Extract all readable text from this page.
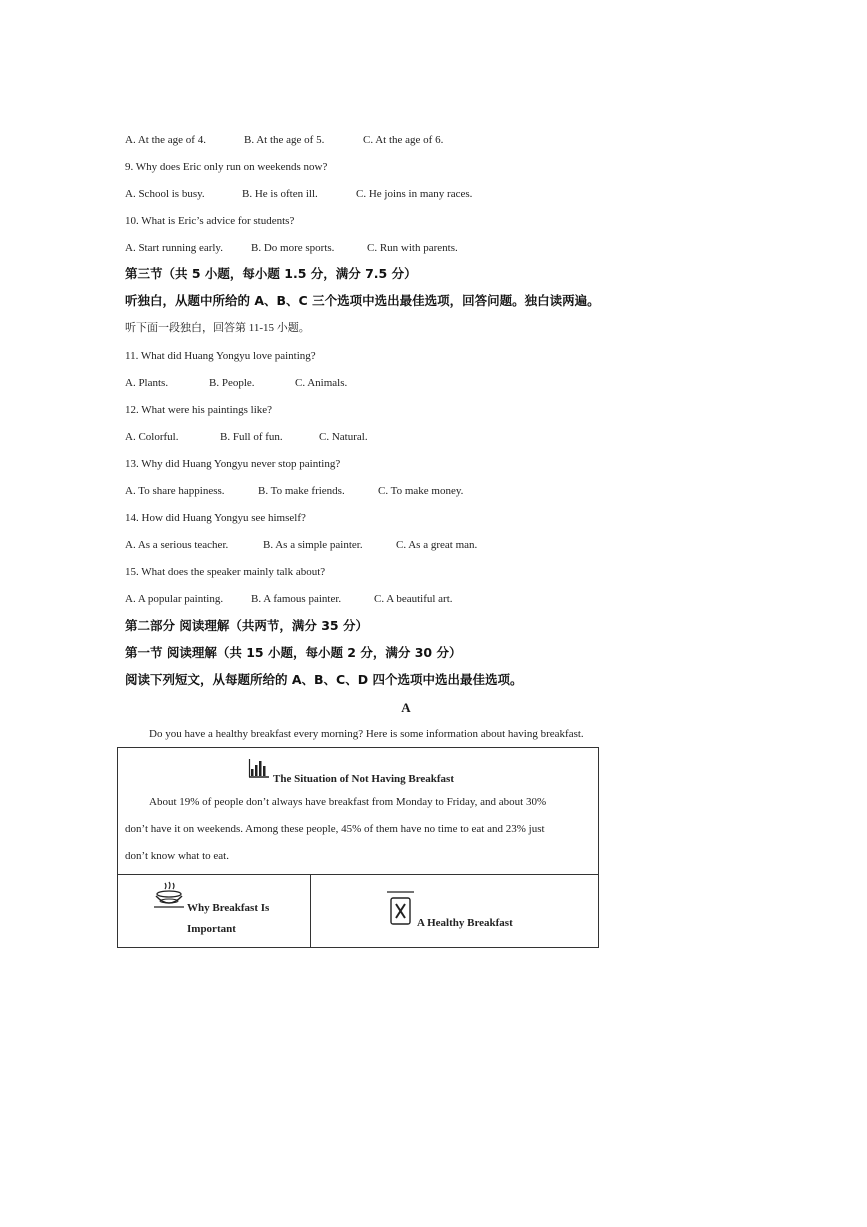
A. At the age of 4.	B. At the age of 5.	C. At the age of 6.
9. Why does Eric only run on weekends now?
A. School is busy.	B. He is often ill.	C. He joins in many races.
10. What is Eric’s advice for students?
A. Start running early.	B. Do more sports.	C. Run with parents.
第三节（共 5 小题，每小题 1.5 分，满分 7.5 分）
听独白，从题中所给的 A、B、C 三个选项中选出最佳选项，回答问题。独白读两遍。
听下面一段独白，回答第 11-15 小题。
11. What did Huang Yongyu love painting?
A. Plants.	B. People.	C. Animals.
12. What were his paintings like?
A. Colorful.	B. Full of fun.	C. Natural.
13. Why did Huang Yongyu never stop painting?
A. To share happiness.	B. To make friends.	C. To make money.
14. How did Huang Yongyu see himself?
A. As a serious teacher.	B. As a simple painter.	C. As a great man.
15. What does the speaker mainly talk about?
A. A popular painting.	B. A famous painter.	C. A beautiful art.
第二部分 阅读理解（共两节，满分 35 分）
第一节 阅读理解（共 15 小题，每小题 2 分，满分 30 分）
阅读下列短文，从每题所给的 A、B、C、D 四个选项中选出最佳选项。
A
Do you have a healthy breakfast every morning? Here is some information about having breakfast.
The Situation of Not Having Breakfast
About 19% of people don’t always have breakfast from Monday to Friday, and about 30%
don’t have it on weekends. Among these people, 45% of them have no time to eat and 23% just
don’t know what to eat.
Why Breakfast Is
Important	A Healthy Breakfast
